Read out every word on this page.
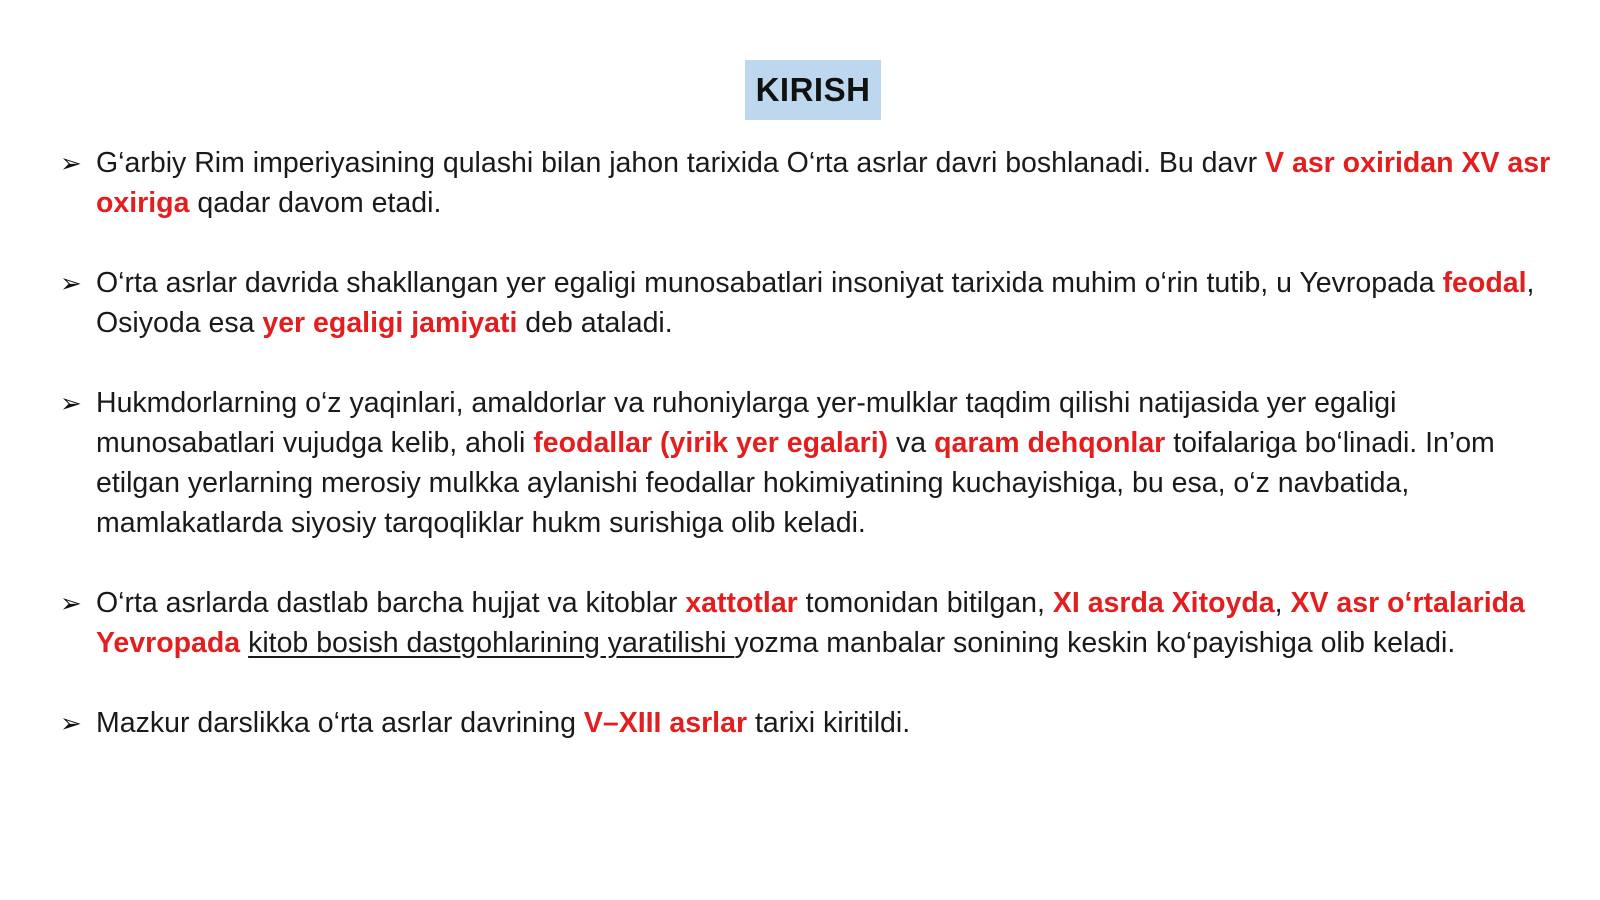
KIRISH
➢ G‘arbiy Rim imperiyasining qulashi bilan jahon tarixida O‘rta asrlar davri boshlanadi. Bu davr V asr oxiridan XV asr oxiriga qadar davom etadi.
➢ O‘rta asrlar davrida shakllangan yer egaligi munosabatlari insoniyat tarixida muhim o‘rin tutib, u Yevropada feodal, Osiyoda esa yer egaligi jamiyati deb ataladi.
➢ Hukmdorlarning o‘z yaqinlari, amaldorlar va ruhoniylarga yer-mulklar taqdim qilishi natijasida yer egaligi munosabatlari vujudga kelib, aholi feodallar (yirik yer egalari) va qaram dehqonlar toifalariga bo‘linadi. In’om etilgan yerlarning merosiy mulkka aylanishi feodallar hokimiyatining kuchayishiga, bu esa, o‘z navbatida, mamlakatlarda siyosiy tarqoqliklar hukm surishiga olib keladi.
➢ O‘rta asrlarda dastlab barcha hujjat va kitoblar xattotlar tomonidan bitilgan, XI asrda Xitoyda, XV asr o‘rtalarida Yevropada kitob bosish dastgohlarining yaratilishi yozma manbalar sonining keskin ko‘payishiga olib keladi.
➢ Mazkur darslikka o‘rta asrlar davrining V–XIII asrlar tarixi kiritildi.
